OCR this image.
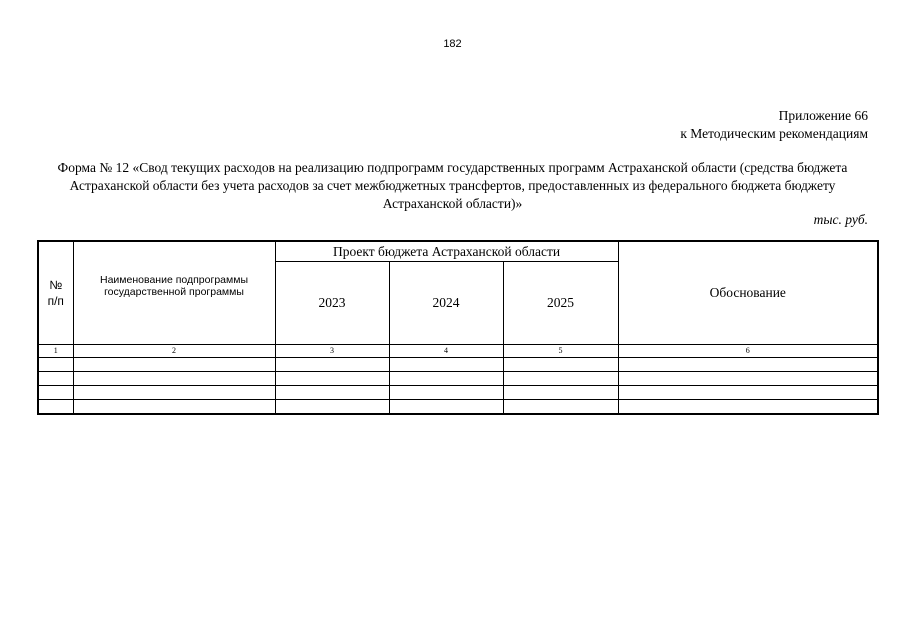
182
Приложение 66
к Методическим рекомендациям
Форма № 12 «Свод текущих расходов на реализацию подпрограмм государственных программ Астраханской области (средства бюджета Астраханской области без учета расходов за счет межбюджетных трансфертов, предоставленных из федерального бюджета бюджету Астраханской области)»
тыс. руб.
№
п/п	Наименование подпрограммы государственной программы	Проект бюджета Астраханской области			Обоснование
		2023	2024	2025	
1	2	3	4	5	6
